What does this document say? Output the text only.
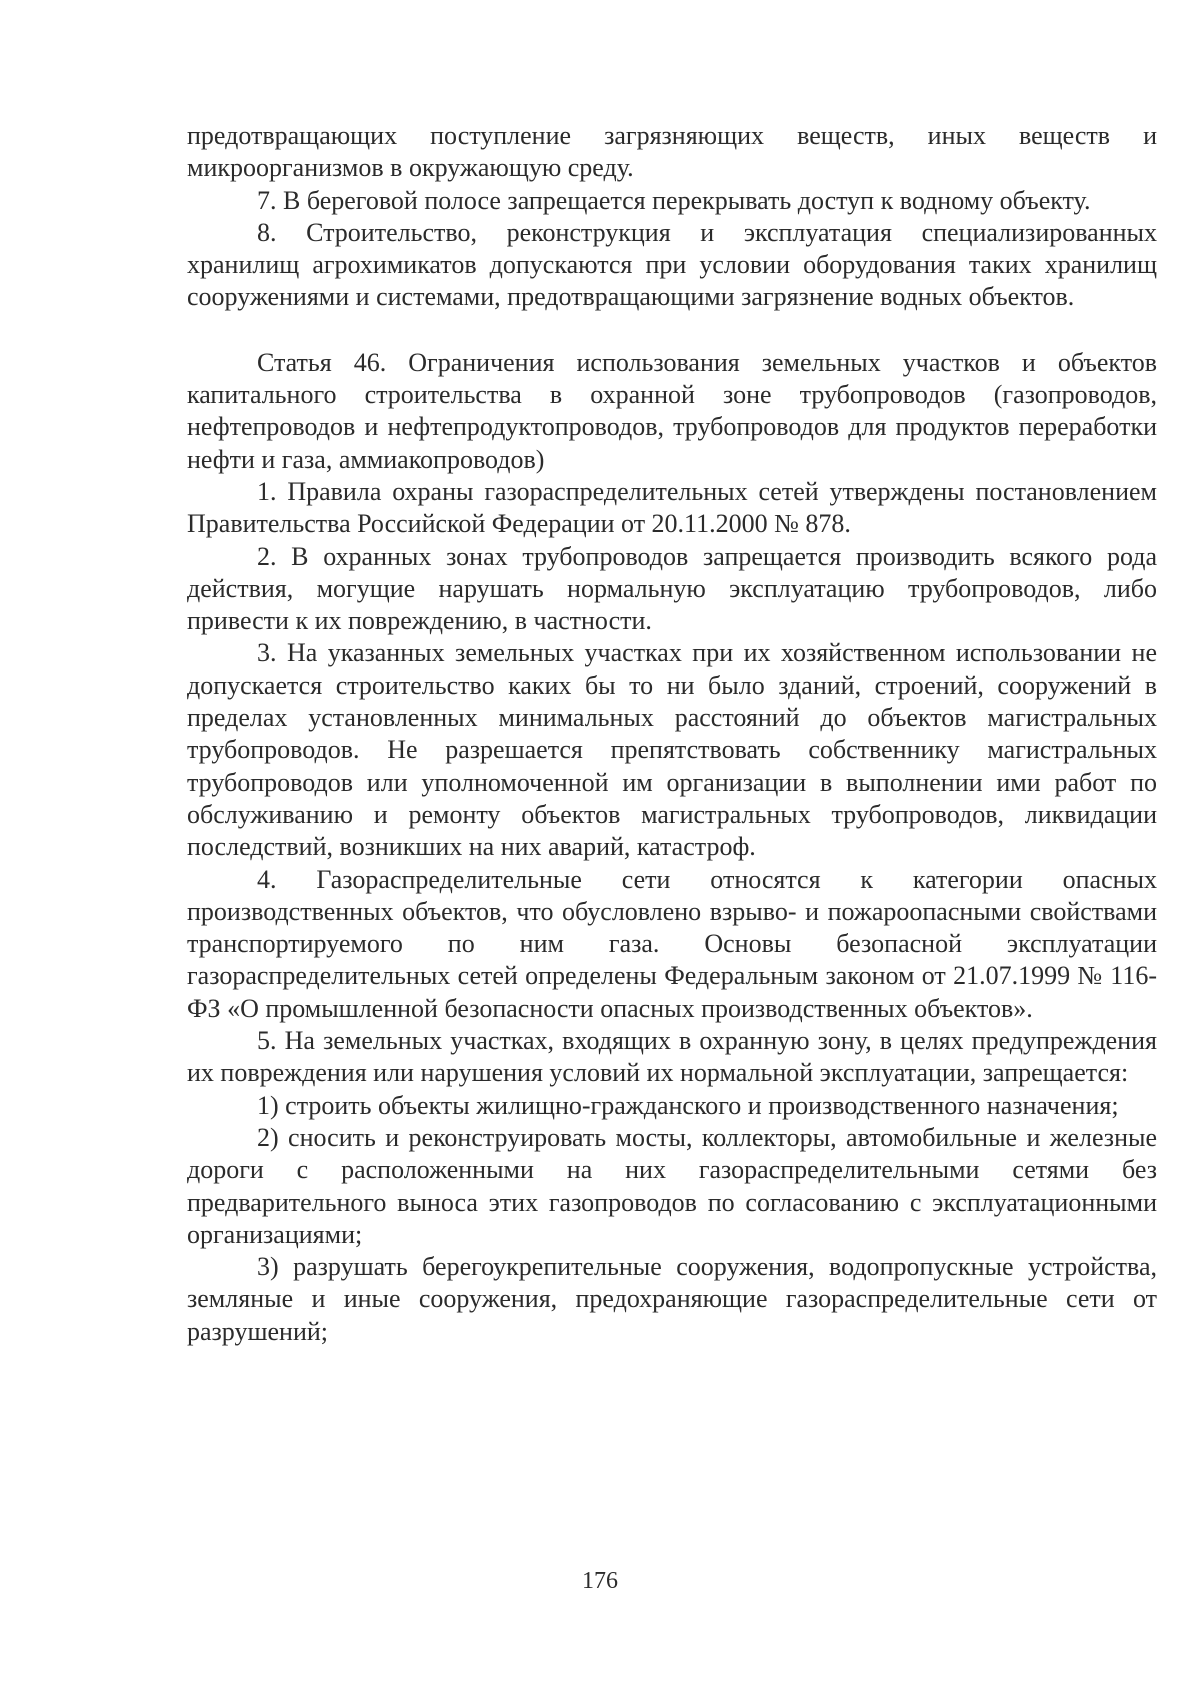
предотвращающих поступление загрязняющих веществ, иных веществ и микроорганизмов в окружающую среду.

7. В береговой полосе запрещается перекрывать доступ к водному объекту.

8. Строительство, реконструкция и эксплуатация специализированных хранилищ агрохимикатов допускаются при условии оборудования таких хранилищ сооружениями и системами, предотвращающими загрязнение водных объектов.

Статья 46. Ограничения использования земельных участков и объектов капитального строительства в охранной зоне трубопроводов (газопроводов, нефтепроводов и нефтепродуктопроводов, трубопроводов для продуктов переработки нефти и газа, аммиакопроводов)

1. Правила охраны газораспределительных сетей утверждены постановлением Правительства Российской Федерации от 20.11.2000 № 878.

2. В охранных зонах трубопроводов запрещается производить всякого рода действия, могущие нарушать нормальную эксплуатацию трубопроводов, либо привести к их повреждению, в частности.

3. На указанных земельных участках при их хозяйственном использовании не допускается строительство каких бы то ни было зданий, строений, сооружений в пределах установленных минимальных расстояний до объектов магистральных трубопроводов. Не разрешается препятствовать собственнику магистральных трубопроводов или уполномоченной им организации в выполнении ими работ по обслуживанию и ремонту объектов магистральных трубопроводов, ликвидации последствий, возникших на них аварий, катастроф.

4. Газораспределительные сети относятся к категории опасных производственных объектов, что обусловлено взрыво- и пожароопасными свойствами транспортируемого по ним газа. Основы безопасной эксплуатации газораспределительных сетей определены Федеральным законом от 21.07.1999 № 116-ФЗ «О промышленной безопасности опасных производственных объектов».

5. На земельных участках, входящих в охранную зону, в целях предупреждения их повреждения или нарушения условий их нормальной эксплуатации, запрещается:

1) строить объекты жилищно-гражданского и производственного назначения;

2) сносить и реконструировать мосты, коллекторы, автомобильные и железные дороги с расположенными на них газораспределительными сетями без предварительного выноса этих газопроводов по согласованию с эксплуатационными организациями;

3) разрушать берегоукрепительные сооружения, водопропускные устройства, земляные и иные сооружения, предохраняющие газораспределительные сети от разрушений;

176
